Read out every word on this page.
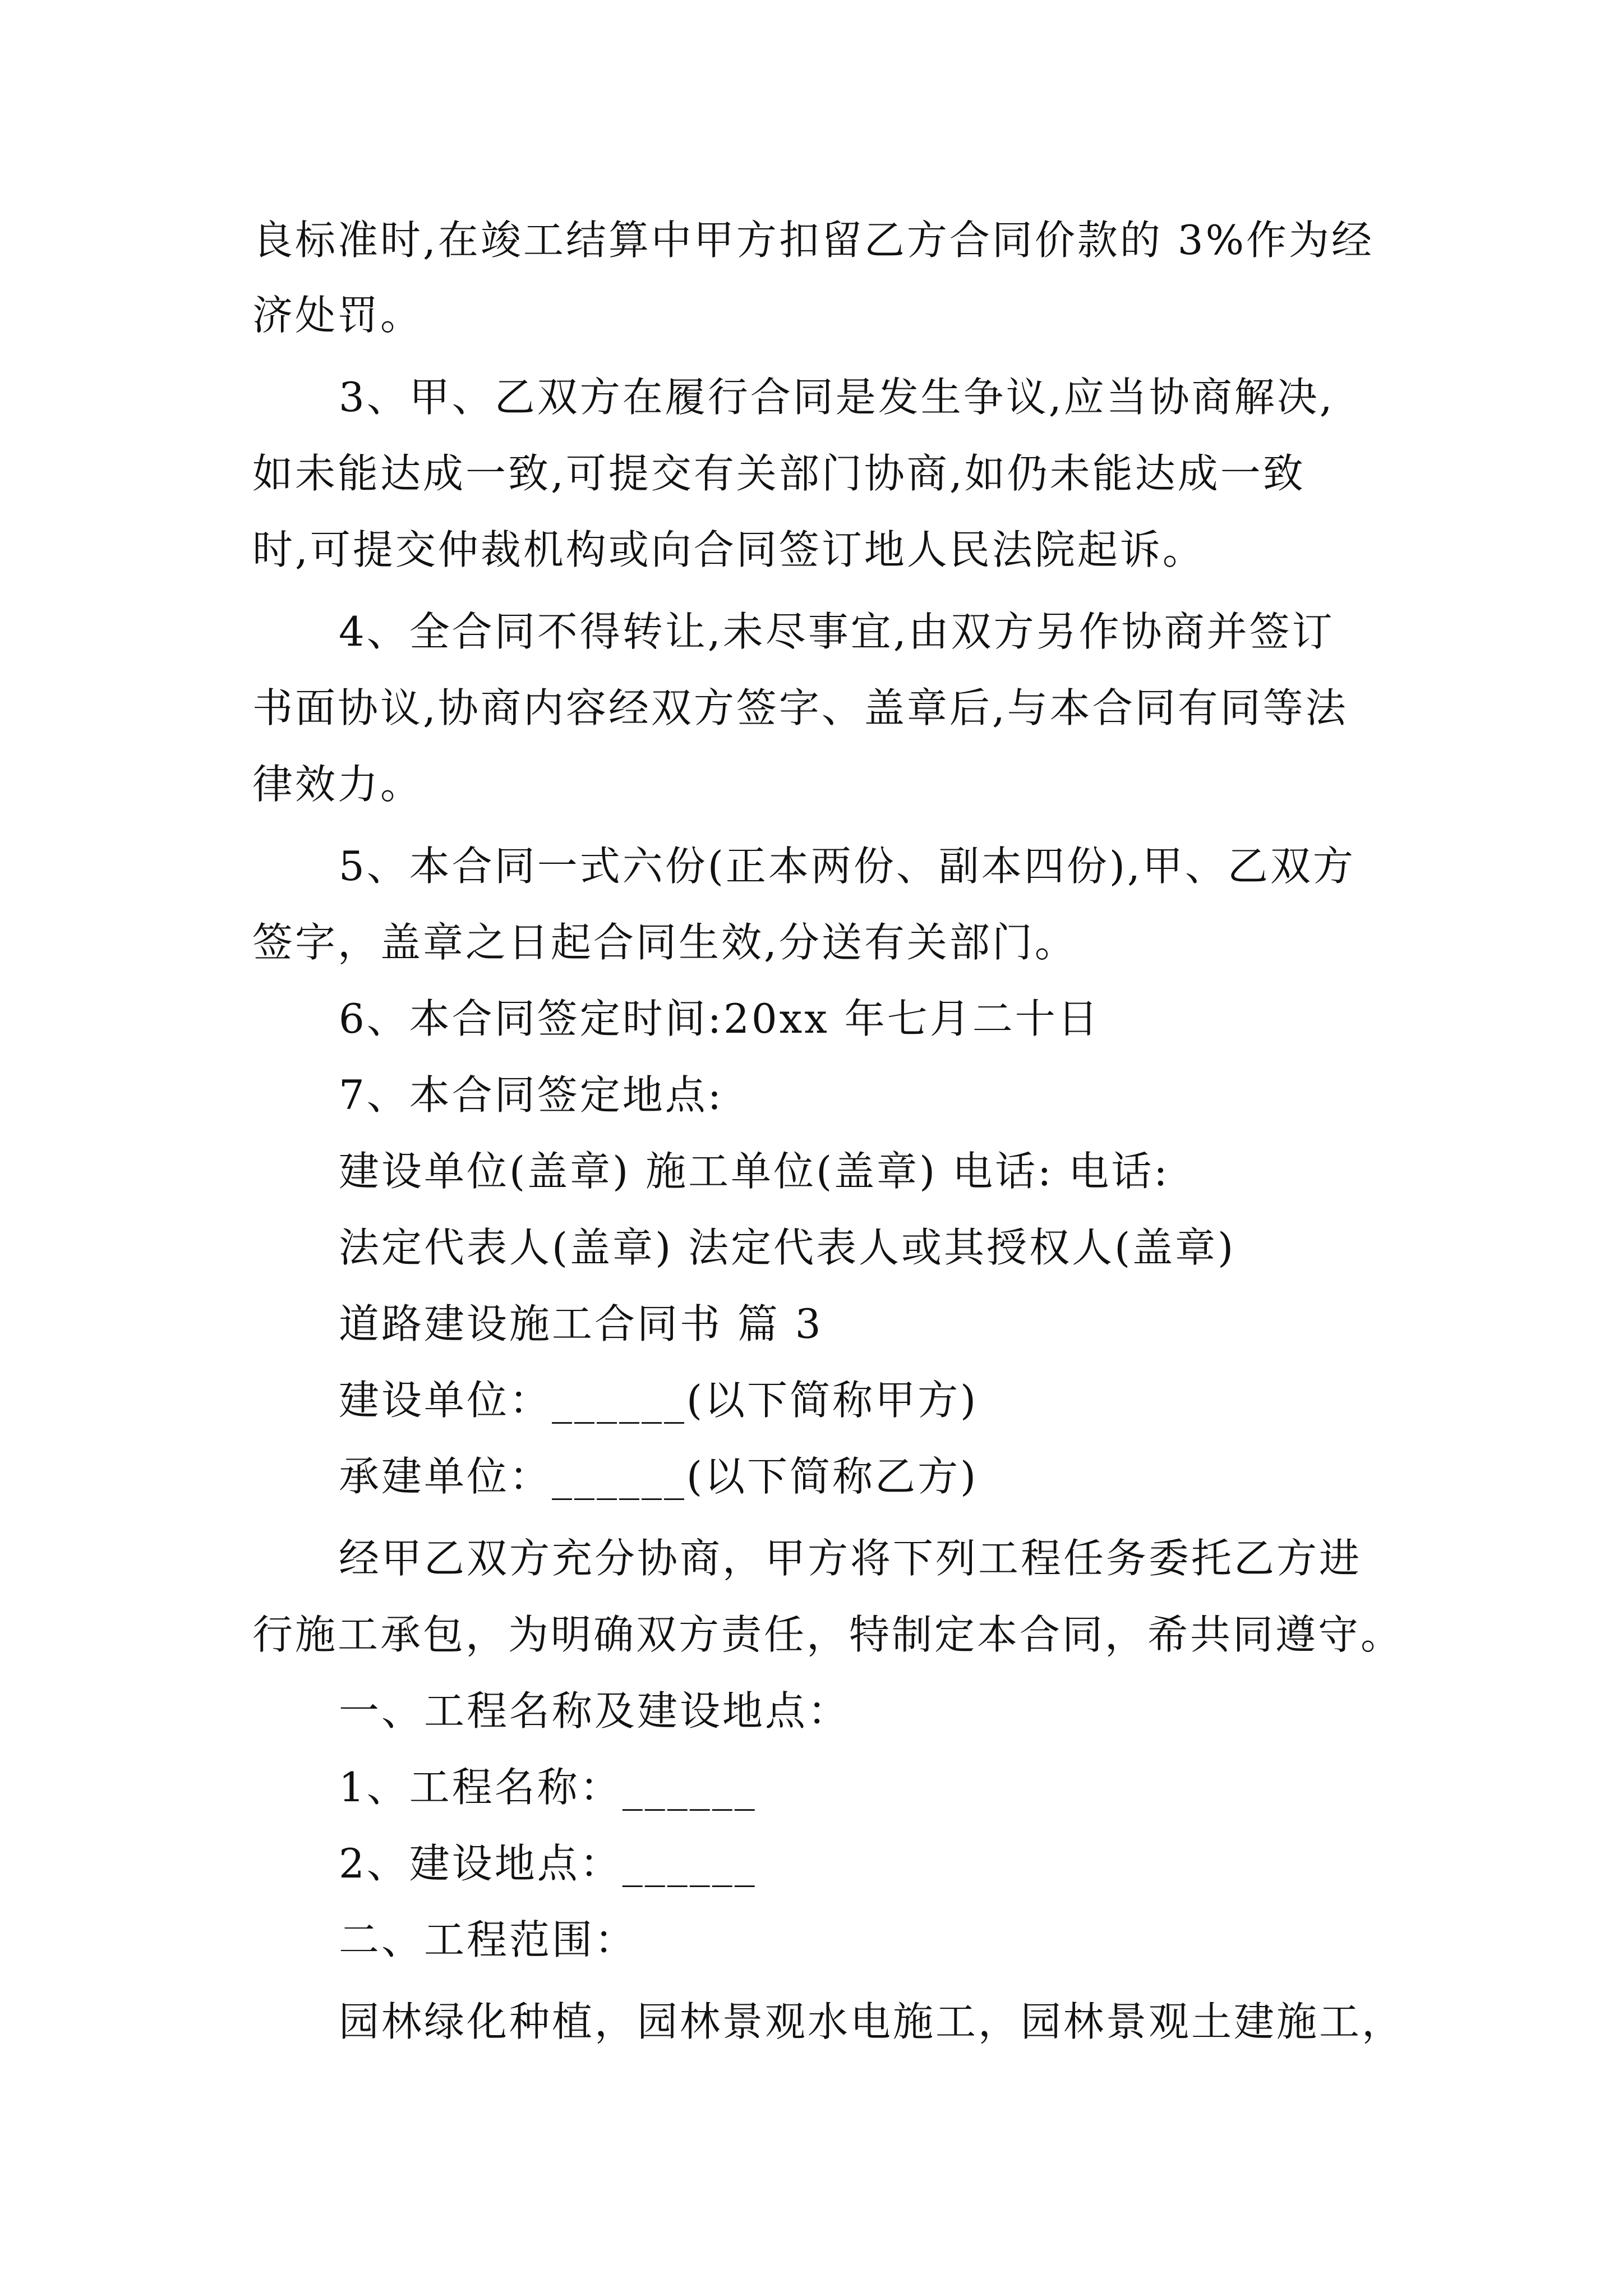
良标准时,在竣工结算中甲方扣留乙方合同价款的 3%作为经
济处罚。
3、甲、乙双方在履行合同是发生争议,应当协商解决,
如未能达成一致,可提交有关部门协商,如仍未能达成一致
时,可提交仲裁机构或向合同签订地人民法院起诉。
4、全合同不得转让,未尽事宜,由双方另作协商并签订
书面协议,协商内容经双方签字、盖章后,与本合同有同等法
律效力。
5、本合同一式六份(正本两份、副本四份),甲、乙双方
签字，盖章之日起合同生效,分送有关部门。
6、本合同签定时间:20xx 年七月二十日
7、本合同签定地点:
建设单位(盖章) 施工单位(盖章) 电话: 电话:
法定代表人(盖章) 法定代表人或其授权人(盖章)
道路建设施工合同书 篇 3
建设单位：______(以下简称甲方)
承建单位：______(以下简称乙方)
经甲乙双方充分协商，甲方将下列工程任务委托乙方进
行施工承包，为明确双方责任，特制定本合同，希共同遵守。
一、工程名称及建设地点：
1、工程名称：______
2、建设地点：______
二、工程范围：
园林绿化种植，园林景观水电施工，园林景观土建施工，
